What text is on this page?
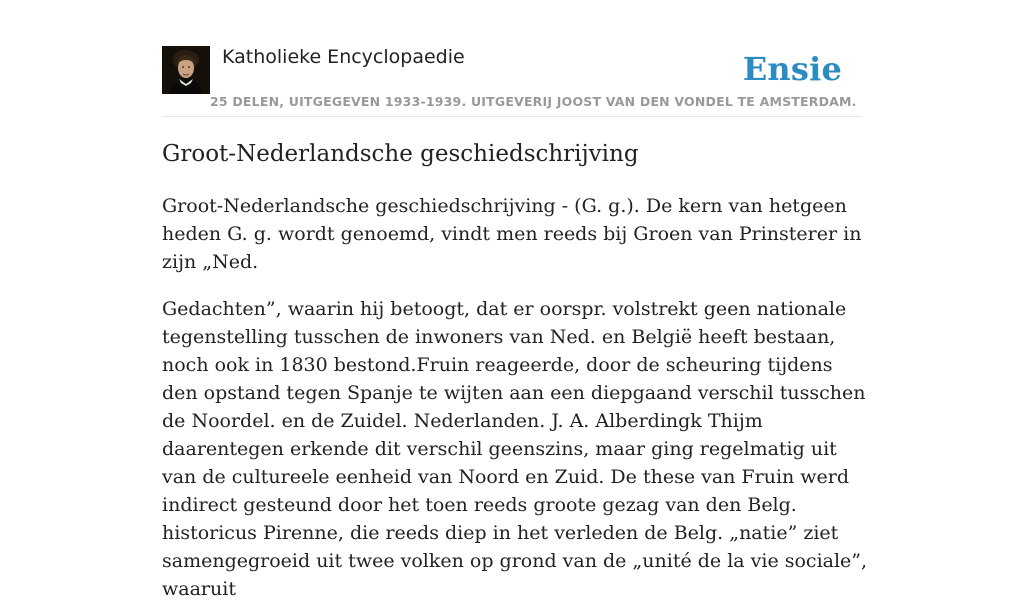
Katholieke Encyclopaedie	Ensie
25 DELEN, UITGEGEVEN 1933-1939. UITGEVERIJ JOOST VAN DEN VONDEL TE AMSTERDAM.
Groot-Nederlandsche geschiedschrijving

Groot-Nederlandsche geschiedschrijving - (G. g.). De kern van hetgeen heden G. g. wordt genoemd, vindt men reeds bij Groen van Prinsterer in zijn „Ned.

Gedachten”, waarin hij betoogt, dat er oorspr. volstrekt geen nationale tegenstelling tusschen de inwoners van Ned. en België heeft bestaan, noch ook in 1830 bestond.Fruin reageerde, door de scheuring tijdens den opstand tegen Spanje te wijten aan een diepgaand verschil tusschen de Noordel. en de Zuidel. Nederlanden. J. A. Alberdingk Thijm daarentegen erkende dit verschil geenszins, maar ging regelmatig uit van de cultureele eenheid van Noord en Zuid. De these van Fruin werd indirect gesteund door het toen reeds groote gezag van den Belg. historicus Pirenne, die reeds diep in het verleden de Belg. „natie” ziet samengegroeid uit twee volken op grond van de „unité de la vie sociale”, waaruit
